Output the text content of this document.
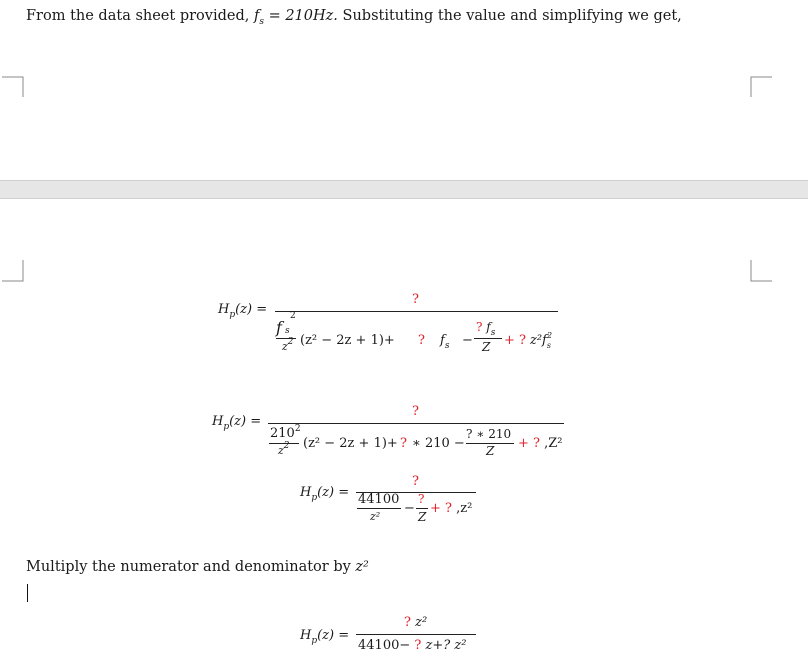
From the data sheet provided, $f_s = 210Hz$. Substituting the value and simplifying we get,
$H_p(z)$ =
?
f s
2
$z^2$ (z² − 2z + 1)+ ? $f_s$ −
? $f_s$
Z + ? $z^2f_s^2$
$H_p(z)$ =
?
$210^2$
$z^2$ (z² − 2z + 1)+ ? ∗ 210 −
? ∗ 210
Z + ? ,Z²
$H_p(z)$ =
?
44100
z²
−
?
Z
+ ? ,z²
Multiply the numerator and denominator by z²
$H_p(z)$ =
? z²
44100− ? z+? z²
